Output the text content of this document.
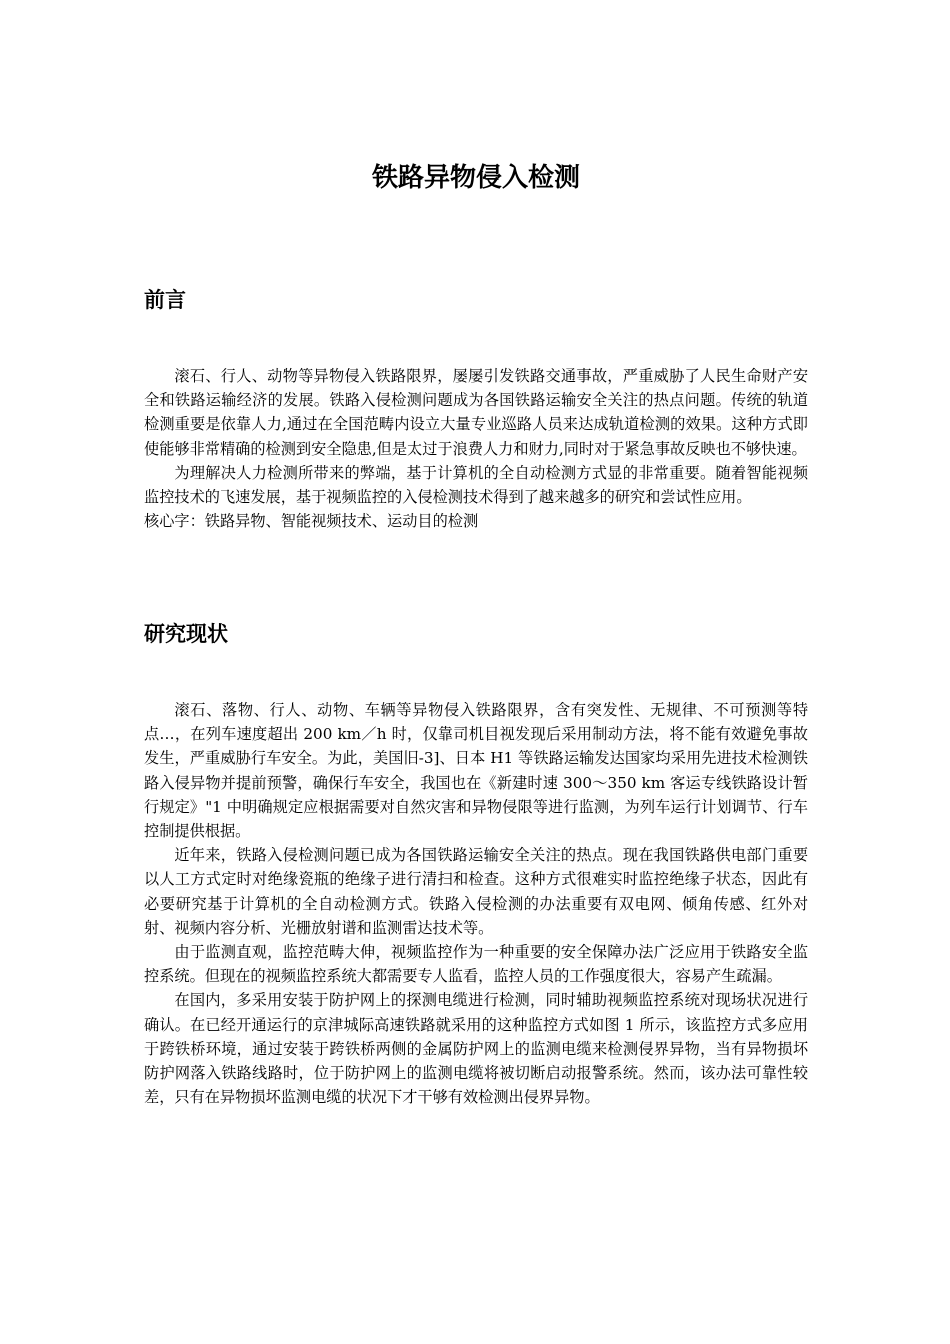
铁路异物侵入检测
前言

滚石、行人、动物等异物侵入铁路限界，屡屡引发铁路交通事故，严重威胁了人民生命财产安全和铁路运输经济的发展。铁路入侵检测问题成为各国铁路运输安全关注的热点问题。传统的轨道检测重要是依靠人力,通过在全国范畴内设立大量专业巡路人员来达成轨道检测的效果。这种方式即使能够非常精确的检测到安全隐患,但是太过于浪费人力和财力,同时对于紧急事故反映也不够快速。

为理解决人力检测所带来的弊端，基于计算机的全自动检测方式显的非常重要。随着智能视频监控技术的飞速发展，基于视频监控的入侵检测技术得到了越来越多的研究和尝试性应用。

核心字：铁路异物、智能视频技术、运动目的检测

研究现状

滚石、落物、行人、动物、车辆等异物侵入铁路限界，含有突发性、无规律、不可预测等特点…，在列车速度超出 200 km／h 时，仅靠司机目视发现后采用制动方法，将不能有效避免事故发生，严重威胁行车安全。为此，美国旧-3]、日本 H1 等铁路运输发达国家均采用先进技术检测铁路入侵异物并提前预警，确保行车安全，我国也在《新建时速 300～350 km 客运专线铁路设计暂行规定》"1 中明确规定应根据需要对自然灾害和异物侵限等进行监测，为列车运行计划调节、行车控制提供根据。

近年来，铁路入侵检测问题已成为各国铁路运输安全关注的热点。现在我国铁路供电部门重要以人工方式定时对绝缘瓷瓶的绝缘子进行清扫和检查。这种方式很难实时监控绝缘子状态，因此有必要研究基于计算机的全自动检测方式。铁路入侵检测的办法重要有双电网、倾角传感、红外对射、视频内容分析、光栅放射谱和监测雷达技术等。

由于监测直观，监控范畴大伸，视频监控作为一种重要的安全保障办法广泛应用于铁路安全监控系统。但现在的视频监控系统大都需要专人监看，监控人员的工作强度很大，容易产生疏漏。

在国内，多采用安装于防护网上的探测电缆进行检测，同时辅助视频监控系统对现场状况进行确认。在已经开通运行的京津城际高速铁路就采用的这种监控方式如图 1 所示，该监控方式多应用于跨铁桥环境，通过安装于跨铁桥两侧的金属防护网上的监测电缆来检测侵界异物，当有异物损坏防护网落入铁路线路时，位于防护网上的监测电缆将被切断启动报警系统。然而，该办法可靠性较差，只有在异物损坏监测电缆的状况下才干够有效检测出侵界异物。
